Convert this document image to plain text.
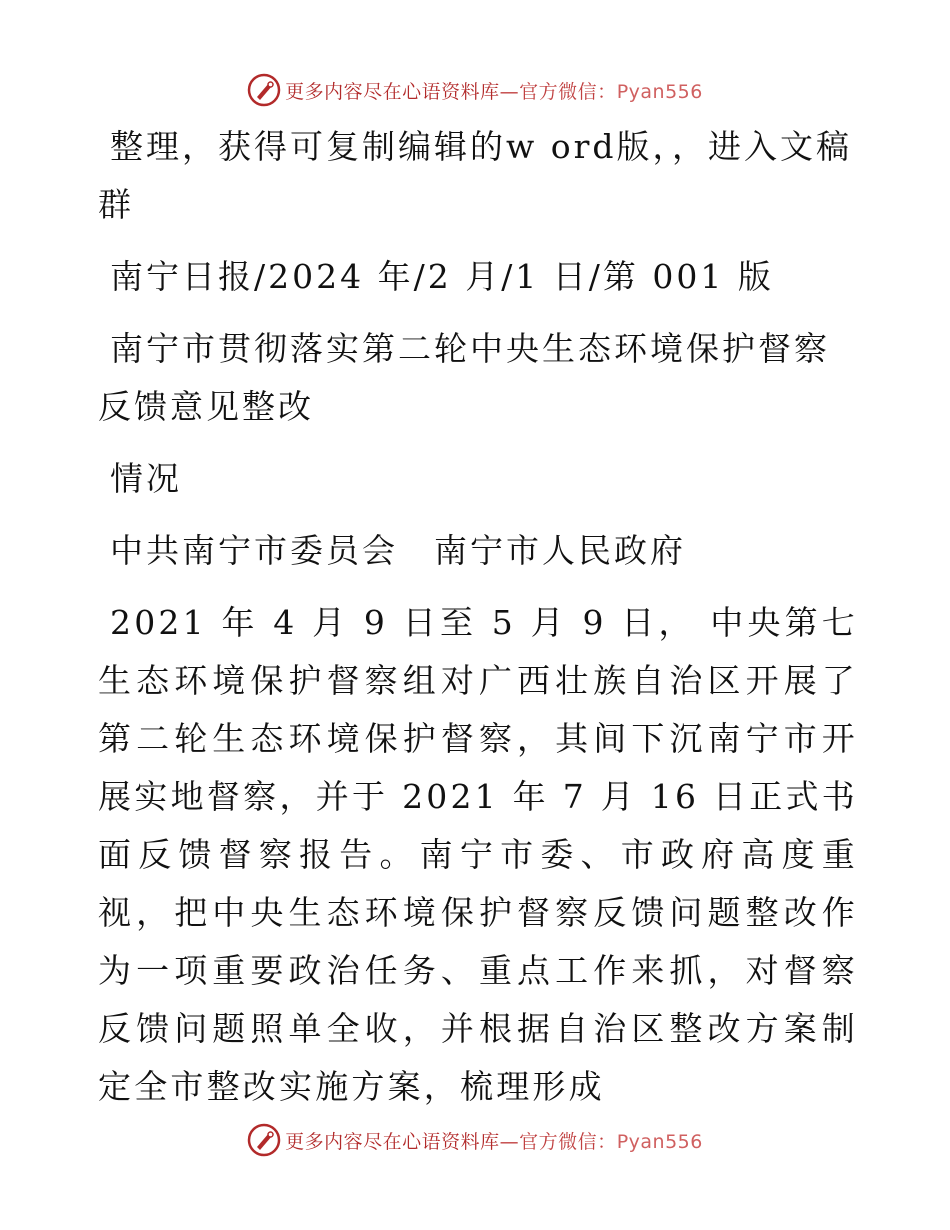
更多内容尽在心语资料库—官方微信：Pyan556

整理，获得可复制编辑的w ord版，，进入文稿群

南宁日报/2024 年/2 月/1 日/第 001 版

南宁市贯彻落实第二轮中央生态环境保护督察反馈意见整改

情况

中共南宁市委员会　南宁市人民政府

2021 年 4 月 9 日至 5 月 9 日， 中央第七生态环境保护督察组对广西壮族自治区开展了第二轮生态环境保护督察，其间下沉南宁市开展实地督察，并于 2021 年 7 月 16 日正式书面反馈督察报告。南宁市委、市政府高度重视，把中央生态环境保护督察反馈问题整改作为一项重要政治任务、重点工作来抓，对督察反馈问题照单全收，并根据自治区整改方案制定全市整改实施方案，梳理形成

更多内容尽在心语资料库—官方微信：Pyan556
